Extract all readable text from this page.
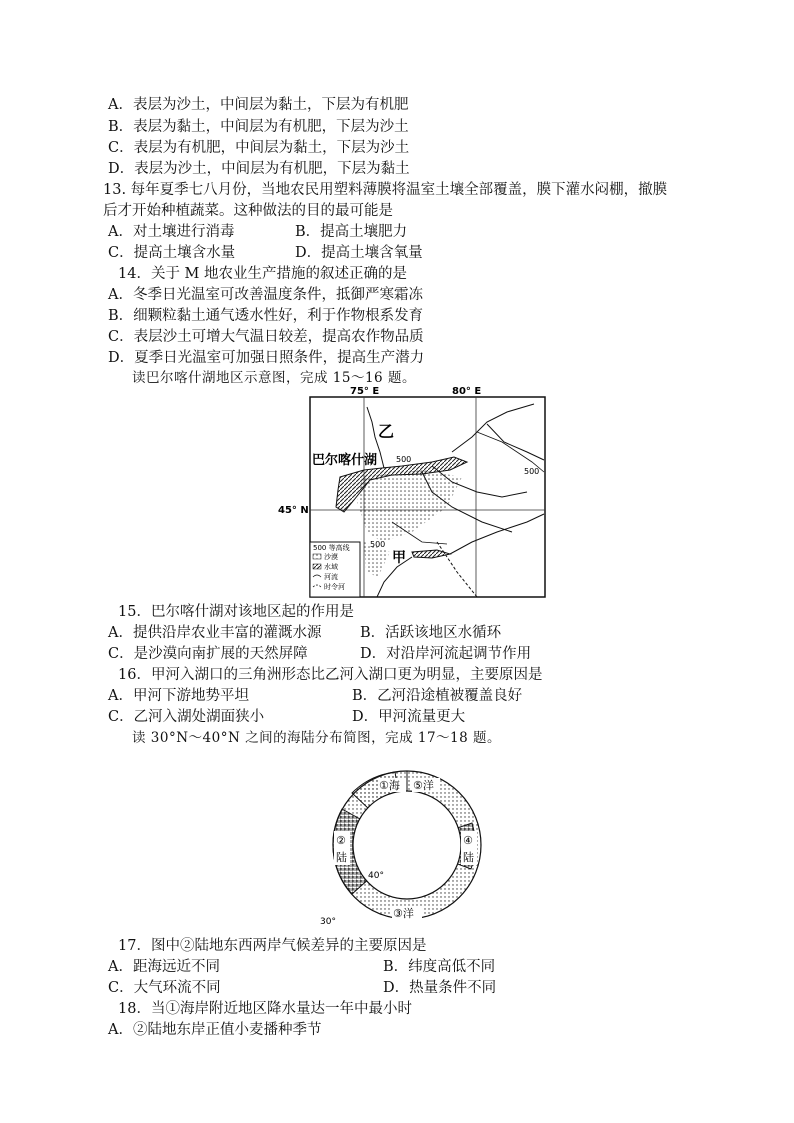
A．表层为沙土，中间层为黏土，下层为有机肥
B．表层为黏土，中间层为有机肥，下层为沙土
C．表层为有机肥，中间层为黏土，下层为沙土
D．表层为沙土，中间层为有机肥，下层为黏土
13. 每年夏季七八月份，当地农民用塑料薄膜将温室土壤全部覆盖，膜下灌水闷棚，撤膜
后才开始种植蔬菜。这种做法的目的最可能是
A．对土壤进行消毒	B．提高土壤肥力
C．提高土壤含水量	D．提高土壤含氧量
14．关于 M 地农业生产措施的叙述正确的是
A．冬季日光温室可改善温度条件，抵御严寒霜冻
B．细颗粒黏土通气透水性好，利于作物根系发育
C．表层沙土可增大气温日较差，提高农作物品质
D．夏季日光温室可加强日照条件，提高生产潜力
读巴尔喀什湖地区示意图，完成 15～16 题。
500 等高线
沙漠
水域
河流
时令河
75° E	80° E
45° N
巴尔喀什湖
乙
甲
500
500
500
15．巴尔喀什湖对该地区起的作用是
A．提供沿岸农业丰富的灌溉水源	B．活跃该地区水循环
C．是沙漠向南扩展的天然屏障	D．对沿岸河流起调节作用
16．甲河入湖口的三角洲形态比乙河入湖口更为明显，主要原因是
A．甲河下游地势平坦	B．乙河沿途植被覆盖良好
C．乙河入湖处湖面狭小	D．甲河流量更大
读 30°N～40°N 之间的海陆分布简图，完成 17～18 题。
①海 ⑤洋
②
陆
④
陆
③洋
40°
30°
17．图中②陆地东西两岸气候差异的主要原因是
A．距海远近不同	B．纬度高低不同
C．大气环流不同	D．热量条件不同
18．当①海岸附近地区降水量达一年中最小时
A．②陆地东岸正值小麦播种季节
